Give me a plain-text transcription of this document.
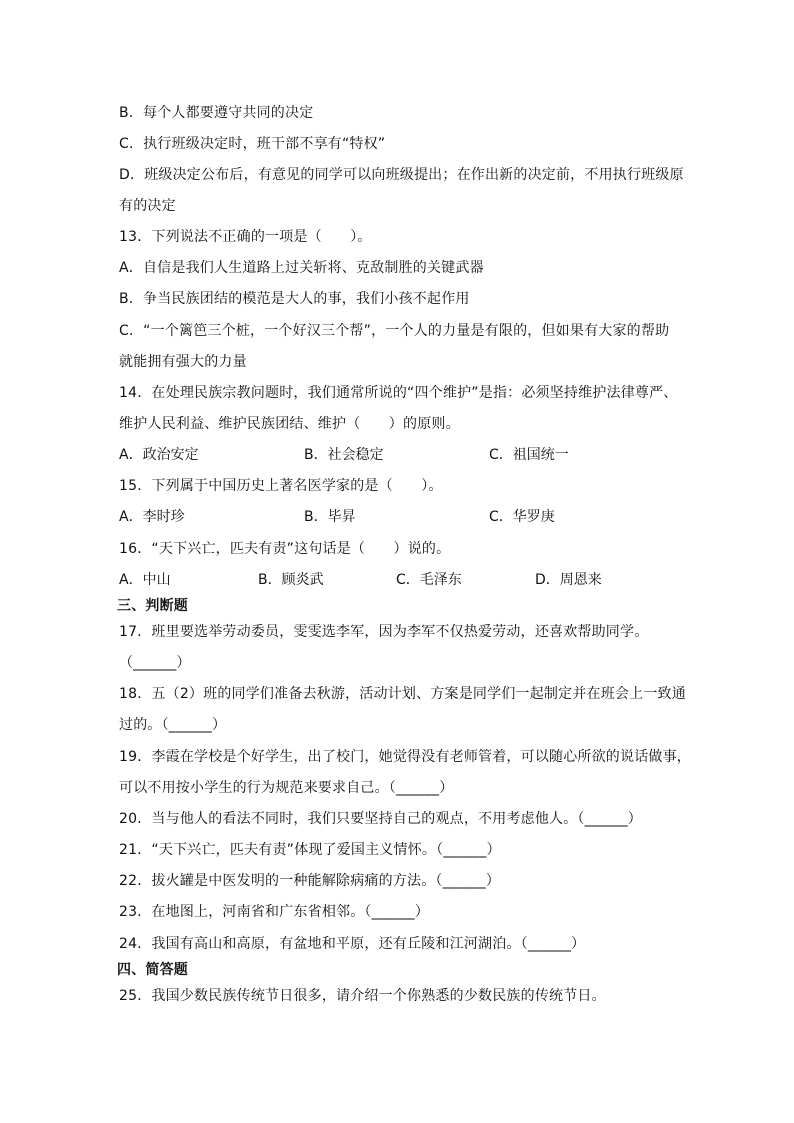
B．每个人都要遵守共同的决定
C．执行班级决定时，班干部不享有“特权”
D．班级决定公布后，有意见的同学可以向班级提出；在作出新的决定前，不用执行班级原
有的决定
13．下列说法不正确的一项是（　　）。
A．自信是我们人生道路上过关斩将、克敌制胜的关键武器
B．争当民族团结的模范是大人的事，我们小孩不起作用
C．“一个篱笆三个桩，一个好汉三个帮”，一个人的力量是有限的，但如果有大家的帮助
就能拥有强大的力量
14．在处理民族宗教问题时，我们通常所说的“四个维护”是指：必须坚持维护法律尊严、
维护人民利益、维护民族团结、维护（　　）的原则。
A．政治安定	B．社会稳定	C．祖国统一
15．下列属于中国历史上著名医学家的是（　　）。
A．李时珍	B．毕昇	C．华罗庚
16．“天下兴亡，匹夫有责”这句话是（　　）说的。
A．中山	B．顾炎武	C．毛泽东	D．周恩来
三、判断题
17．班里要选举劳动委员，雯雯选李军，因为李军不仅热爱劳动，还喜欢帮助同学。
（______）
18．五（2）班的同学们准备去秋游，活动计划、方案是同学们一起制定并在班会上一致通
过的。（______）
19．李霞在学校是个好学生，出了校门，她觉得没有老师管着，可以随心所欲的说话做事，
可以不用按小学生的行为规范来要求自己。（______）
20．当与他人的看法不同时，我们只要坚持自己的观点，不用考虑他人。（______）
21．“天下兴亡，匹夫有责”体现了爱国主义情怀。（______）
22．拔火罐是中医发明的一种能解除病痛的方法。（______）
23．在地图上，河南省和广东省相邻。（______）
24．我国有高山和高原，有盆地和平原，还有丘陵和江河湖泊。（______）
四、简答题
25．我国少数民族传统节日很多，请介绍一个你熟悉的少数民族的传统节日。
